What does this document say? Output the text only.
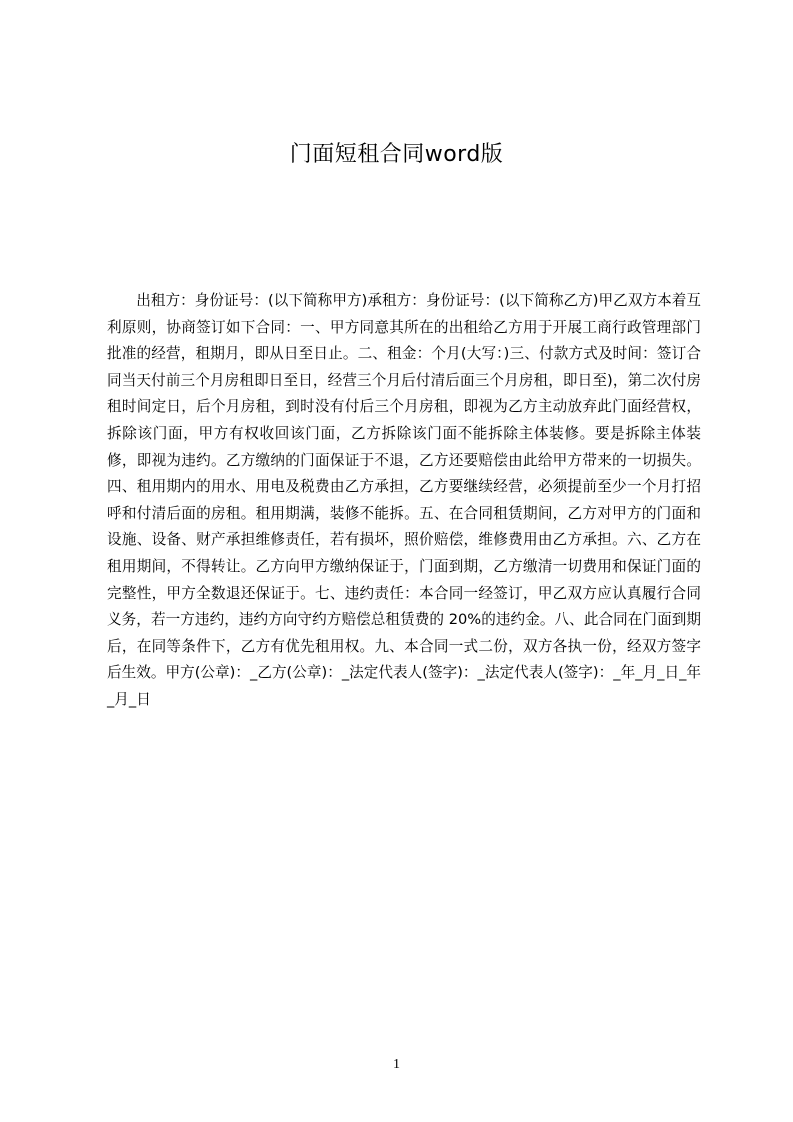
门面短租合同word版

出租方：身份证号：(以下简称甲方)承租方：身份证号：(以下简称乙方)甲乙双方本着互利原则，协商签订如下合同：一、甲方同意其所在的出租给乙方用于开展工商行政管理部门批准的经营，租期月，即从日至日止。二、租金：个月(大写：)三、付款方式及时间：签订合同当天付前三个月房租即日至日，经营三个月后付清后面三个月房租，即日至)，第二次付房租时间定日，后个月房租，到时没有付后三个月房租，即视为乙方主动放弃此门面经营权，拆除该门面，甲方有权收回该门面，乙方拆除该门面不能拆除主体装修。要是拆除主体装修，即视为违约。乙方缴纳的门面保证于不退，乙方还要赔偿由此给甲方带来的一切损失。四、租用期内的用水、用电及税费由乙方承担，乙方要继续经营，必须提前至少一个月打招呼和付清后面的房租。租用期满，装修不能拆。五、在合同租赁期间，乙方对甲方的门面和设施、设备、财产承担维修责任，若有损坏，照价赔偿，维修费用由乙方承担。六、乙方在租用期间，不得转让。乙方向甲方缴纳保证于，门面到期，乙方缴清一切费用和保证门面的完整性，甲方全数退还保证于。七、违约责任：本合同一经签订，甲乙双方应认真履行合同义务，若一方违约，违约方向守约方赔偿总租赁费的 20%的违约金。八、此合同在门面到期后，在同等条件下，乙方有优先租用权。九、本合同一式二份，双方各执一份，经双方签字后生效。甲方(公章)：_乙方(公章)：_法定代表人(签字)：_法定代表人(签字)：_年_月_日_年_月_日

1
